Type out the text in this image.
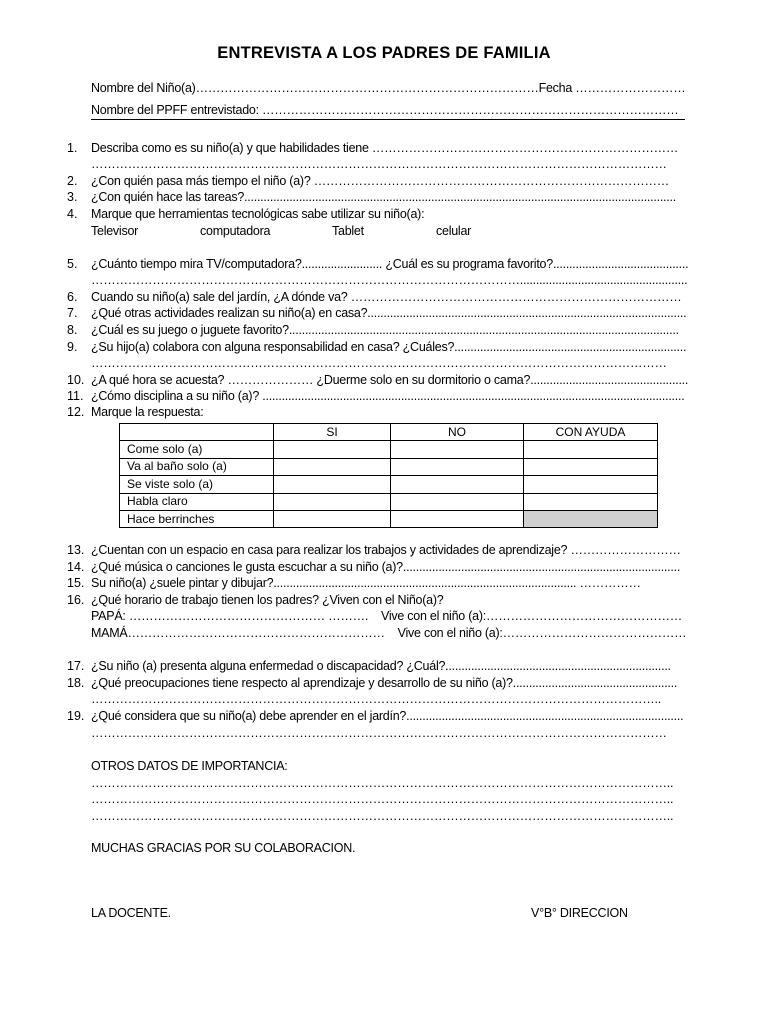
ENTREVISTA A LOS PADRES DE FAMILIA
Nombre del Niño(a)…………………………………………………………………………Fecha ………………………
Nombre del PPFF entrevistado: …………………………………………………………………………………………
1. Describa como es su niño(a) y que habilidades tiene …………………………………………………………………
……………………………………………………………………………………………………………………………
2. ¿Con quién pasa más tiempo el niño (a)? ……………………………………………………………………………
3. ¿Con quién hace las tareas?......................................................................................................................................
4. Marque que herramientas tecnológicas sabe utilizar su niño(a):
Televisor	computadora	Tablet	celular
5. ¿Cuánto tiempo mira TV/computadora?......................... ¿Cuál es su programa favorito?..........................................
……………………………………………………………………………………………....................................................
6. Cuando su niño(a) sale del jardín, ¿A dónde va? ………………………………………………………………………
7. ¿Qué otras actividades realizan su niño(a) en casa?...................................................................................................
8. ¿Cuál es su juego o juguete favorito?.........................................................................................................................
9. ¿Su hijo(a) colabora con alguna responsabilidad en casa? ¿Cuáles?........................................................................
……………………………………………………………………………………………………………………………
10. ¿A qué hora se acuesta? ………………… ¿Duerme solo en su dormitorio o cama?.................................................
11. ¿Cómo disciplina a su niño (a)? ...................................................................................................................................
12. Marque la respuesta:
	SI	NO	CON AYUDA
Come solo (a)			
Va al baño solo (a)			
Se viste solo (a)			
Habla claro			
Hace berrinches			
13. ¿Cuentan con un espacio en casa para realizar los trabajos y actividades de aprendizaje? ………………………
14. ¿Qué música o canciones le gusta escuchar a su niño (a)?......................................................................................
15. Su niño(a) ¿suele pintar y dibujar?.............................................................................................. ……………
16. ¿Qué horario de trabajo tienen los padres? ¿Viven con el Niño(a)?
PAPÁ: ………………………………………… ……….    Vive con el niño (a):…………………………………………
MAMÁ………………………………………………………    Vive con el niño (a):………………………………………
17. ¿Su niño (a) presenta alguna enfermedad o discapacidad? ¿Cuál?......................................................................
18. ¿Qué preocupaciones tiene respecto al aprendizaje y desarrollo de su niño (a)?...................................................
…………………………………………………………………………………………………………………………..
19. ¿Qué considera que su niño(a) debe aprender en el jardín?......................................................................................
……………………………………………………………………………………………………………………………
OTROS DATOS DE IMPORTANCIA:
……………………………………………………………………………………………………………………………..
……………………………………………………………………………………………………………………………..
……………………………………………………………………………………………………………………………..
MUCHAS GRACIAS POR SU COLABORACION.
LA DOCENTE.	V°B° DIRECCION
